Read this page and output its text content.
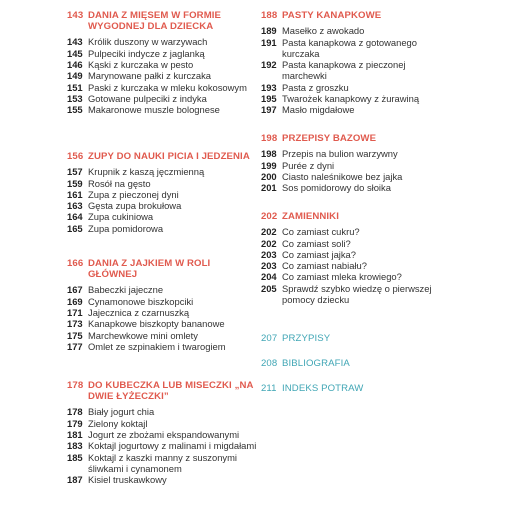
143 DANIA Z MIĘSEM W FORMIE WYGODNEJ DLA DZIECKA
143 Królik duszony w warzywach
145 Pulpeciki indyczе z jaglanką
146 Kąski z kurczaka w pesto
149 Marynowane pałki z kurczaka
151 Paski z kurczaka w mleku kokosowym
153 Gotowane pulpeciki z indyka
155 Makaronowe muszle bolognese
156 ZUPY DO NAUKI PICIA I JEDZENIA
157 Krupnik z kaszą jęczmienną
159 Rosół na gęsto
161 Zupa z pieczonej dyni
163 Gęsta zupa brokułowa
164 Zupa cukiniowa
165 Zupa pomidorowa
166 DANIA Z JAJKIEM W ROLI GŁÓWNEJ
167 Babeczki jajeczne
169 Cynamonowe biszkopciki
171 Jajecznica z czarnuszką
173 Kanapkowe biszkopty bananowe
175 Marchewkowe mini omlety
177 Omlet ze szpinakiem i twarogiem
178 DO KUBECZKA LUB MISECZKI „NA DWIE ŁYŻECZKI”
178 Biały jogurt chia
179 Zielony koktajl
181 Jogurt ze zbożami ekspandowanymi
183 Koktajl jogurtowy z malinami i migdałami
185 Koktajl z kaszki manny z suszonymi śliwkami i cynamonem
187 Kisiel truskawkowy
188 PASTY KANAPKOWE
189 Masełko z awokado
191 Pasta kanapkowa z gotowanego kurczaka
192 Pasta kanapkowa z pieczonej marchewki
193 Pasta z groszku
195 Twarożek kanapkowy z żurawiną
197 Masło migdałowe
198 PRZEPISY BAZOWE
198 Przepis na bulion warzywny
199 Purée z dyni
200 Ciasto naleśnikowe bez jajka
201 Sos pomidorowy do słoika
202 ZAMIENNIKI
202 Co zamiast cukru?
202 Co zamiast soli?
203 Co zamiast jajka?
203 Co zamiast nabiału?
204 Co zamiast mleka krowiego?
205 Sprawdź szybko wiedzę o pierwszej pomocy dziecku
207 PRZYPISY
208 BIBLIOGRAFIA
211 INDEKS POTRAW
